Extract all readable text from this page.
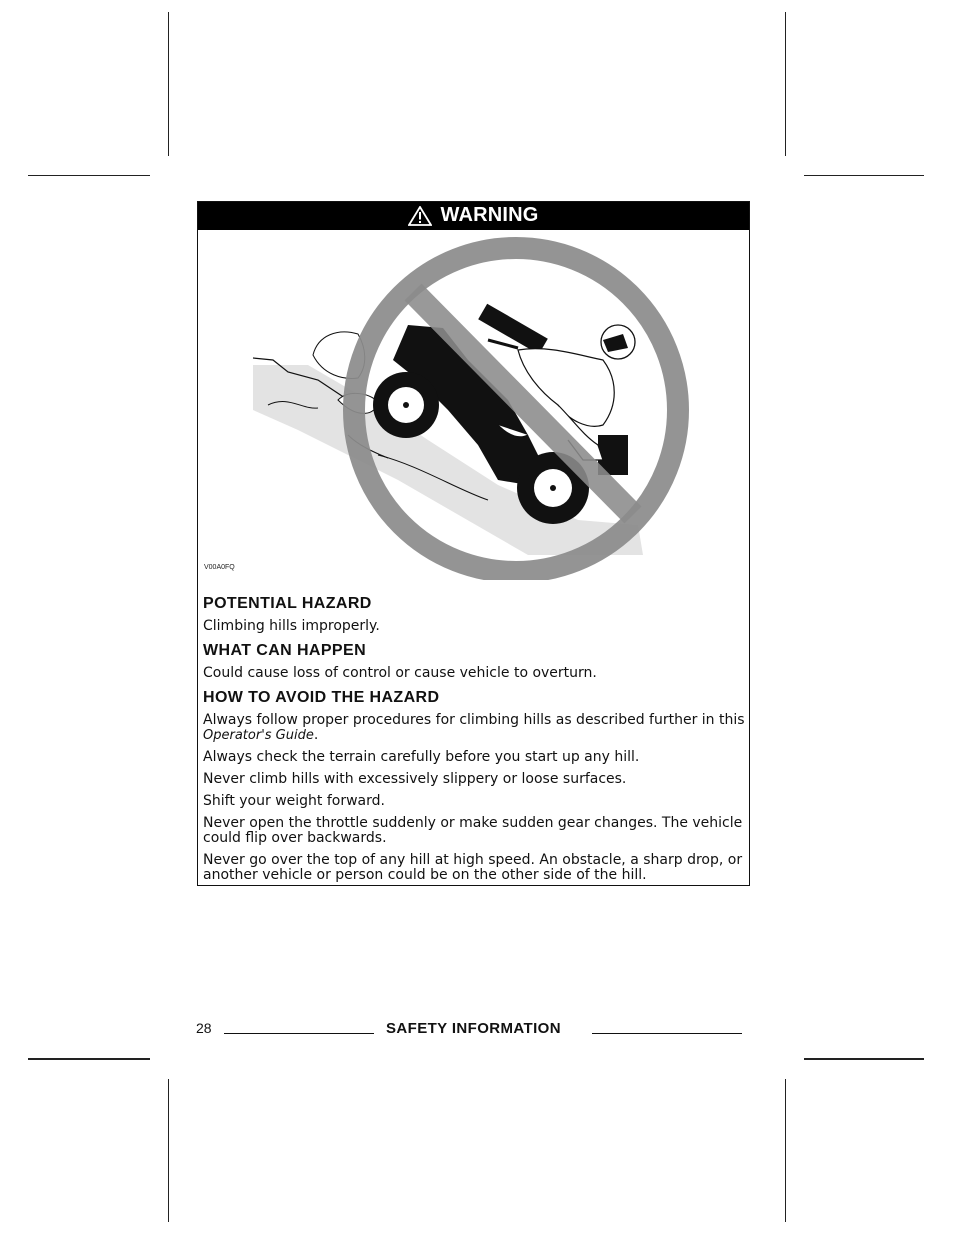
WARNING
V00A0FQ
POTENTIAL HAZARD

Climbing hills improperly.

WHAT CAN HAPPEN

Could cause loss of control or cause vehicle to overturn.

HOW TO AVOID THE HAZARD

Always follow proper procedures for climbing hills as described further in this Operator's Guide.

Always check the terrain carefully before you start up any hill.

Never climb hills with excessively slippery or loose surfaces.

Shift your weight forward.

Never open the throttle suddenly or make sudden gear changes. The vehicle could flip over backwards.

Never go over the top of any hill at high speed. An obstacle, a sharp drop, or another vehicle or person could be on the other side of the hill.

28	SAFETY INFORMATION
